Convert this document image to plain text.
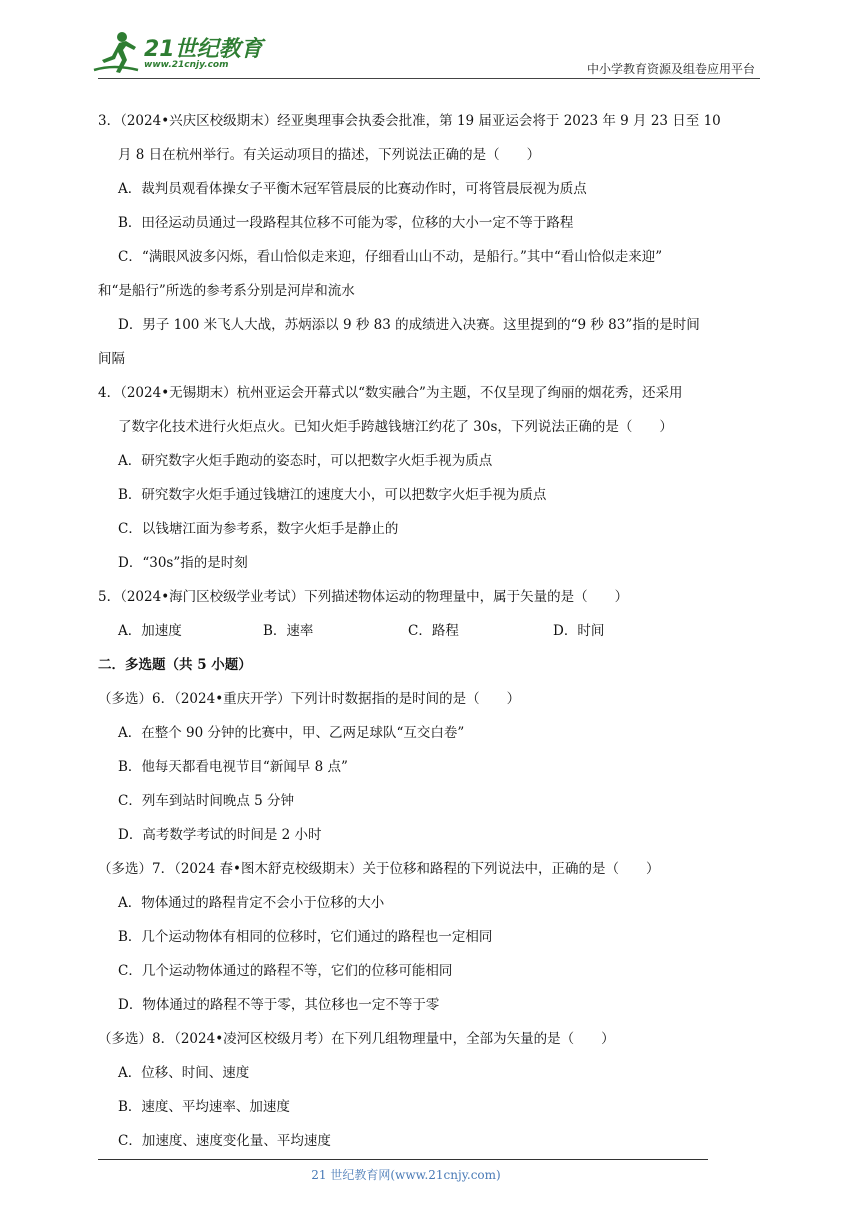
21世纪教育
www.21cnjy.com	中小学教育资源及组卷应用平台
3．（2024•兴庆区校级期末）经亚奥理事会执委会批准，第 19 届亚运会将于 2023 年 9 月 23 日至 10
月 8 日在杭州举行。有关运动项目的描述，下列说法正确的是（　　）
A．裁判员观看体操女子平衡木冠军管晨辰的比赛动作时，可将管晨辰视为质点
B．田径运动员通过一段路程其位移不可能为零，位移的大小一定不等于路程
C．“满眼风波多闪烁，看山恰似走来迎，仔细看山山不动，是船行。”其中“看山恰似走来迎”
和“是船行”所选的参考系分别是河岸和流水
D．男子 100 米飞人大战，苏炳添以 9 秒 83 的成绩进入决赛。这里提到的“9 秒 83”指的是时间
间隔
4．（2024•无锡期末）杭州亚运会开幕式以“数实融合”为主题，不仅呈现了绚丽的烟花秀，还采用
了数字化技术进行火炬点火。已知火炬手跨越钱塘江约花了 30s，下列说法正确的是（　　）
A．研究数字火炬手跑动的姿态时，可以把数字火炬手视为质点
B．研究数字火炬手通过钱塘江的速度大小，可以把数字火炬手视为质点
C．以钱塘江面为参考系，数字火炬手是静止的
D．“30s”指的是时刻
5．（2024•海门区校级学业考试）下列描述物体运动的物理量中，属于矢量的是（　　）
A．加速度	B．速率	C．路程	D．时间
二．多选题（共 5 小题）
（多选）6．（2024•重庆开学）下列计时数据指的是时间的是（　　）
A．在整个 90 分钟的比赛中，甲、乙两足球队“互交白卷”
B．他每天都看电视节目“新闻早 8 点”
C．列车到站时间晚点 5 分钟
D．高考数学考试的时间是 2 小时
（多选）7．（2024 春•图木舒克校级期末）关于位移和路程的下列说法中，正确的是（　　）
A．物体通过的路程肯定不会小于位移的大小
B．几个运动物体有相同的位移时，它们通过的路程也一定相同
C．几个运动物体通过的路程不等，它们的位移可能相同
D．物体通过的路程不等于零，其位移也一定不等于零
（多选）8．（2024•凌河区校级月考）在下列几组物理量中，全部为矢量的是（　　）
A．位移、时间、速度
B．速度、平均速率、加速度
C．加速度、速度变化量、平均速度
21 世纪教育网(www.21cnjy.com)
